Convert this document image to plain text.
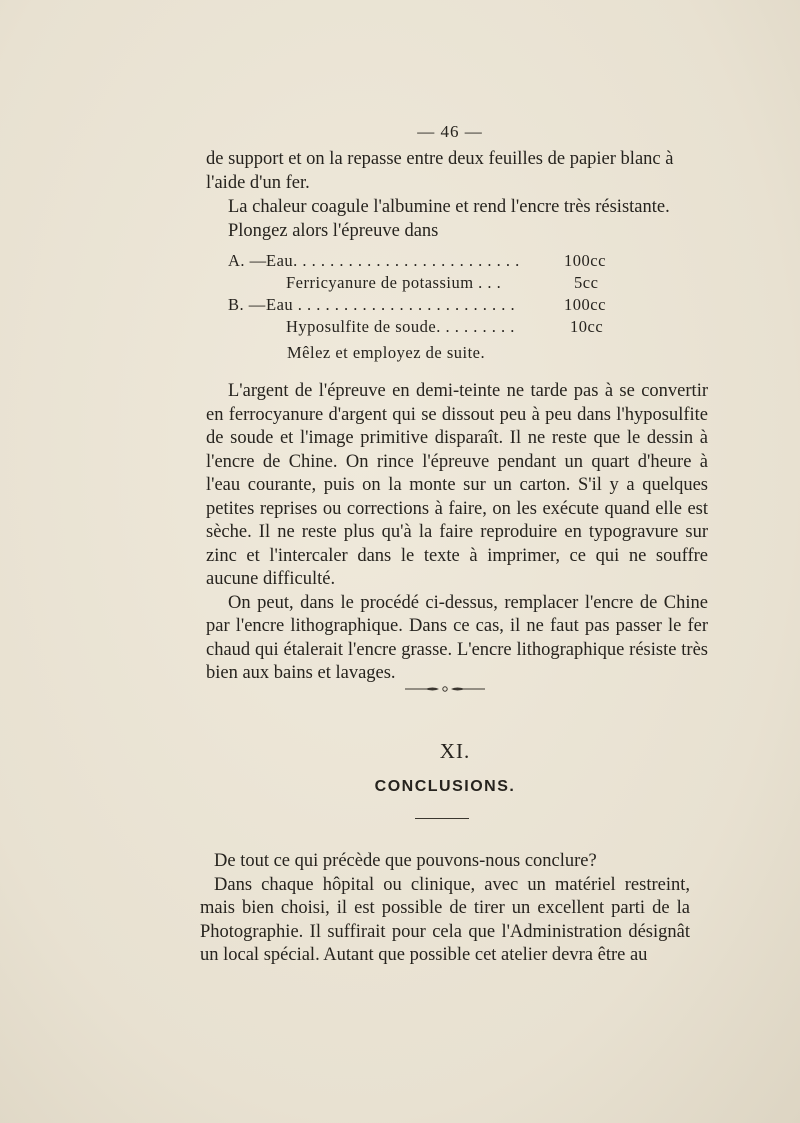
— 46 —

de support et on la repasse entre deux feuilles de papier blanc à l'aide d'un fer.

La chaleur coagule l'albumine et rend l'encre très résistante.

Plongez alors l'épreuve dans

A. — Eau. . . . . . . . . . . . . . . . . . . . . . . . .	100cc
Ferricyanure de potassium . . .	5cc
B. — Eau . . . . . . . . . . . . . . . . . . . . . . . .	100cc
Hyposulfite de soude. . . . . . . . .	10cc
Mêlez et employez de suite.

L'argent de l'épreuve en demi-teinte ne tarde pas à se convertir en ferrocyanure d'argent qui se dissout peu à peu dans l'hyposulfite de soude et l'image primitive disparaît. Il ne reste que le dessin à l'encre de Chine. On rince l'épreuve pendant un quart d'heure à l'eau courante, puis on la monte sur un carton. S'il y a quelques petites reprises ou corrections à faire, on les exécute quand elle est sèche. Il ne reste plus qu'à la faire reproduire en typogravure sur zinc et l'intercaler dans le texte à imprimer, ce qui ne souffre aucune difficulté.

On peut, dans le procédé ci-dessus, remplacer l'encre de Chine par l'encre lithographique. Dans ce cas, il ne faut pas passer le fer chaud qui étalerait l'encre grasse. L'encre lithographique résiste très bien aux bains et lavages.

XI.
CONCLUSIONS.

De tout ce qui précède que pouvons-nous conclure?

Dans chaque hôpital ou clinique, avec un matériel restreint, mais bien choisi, il est possible de tirer un excellent parti de la Photographie. Il suffirait pour cela que l'Administration désignât un local spécial. Autant que possible cet atelier devra être au
